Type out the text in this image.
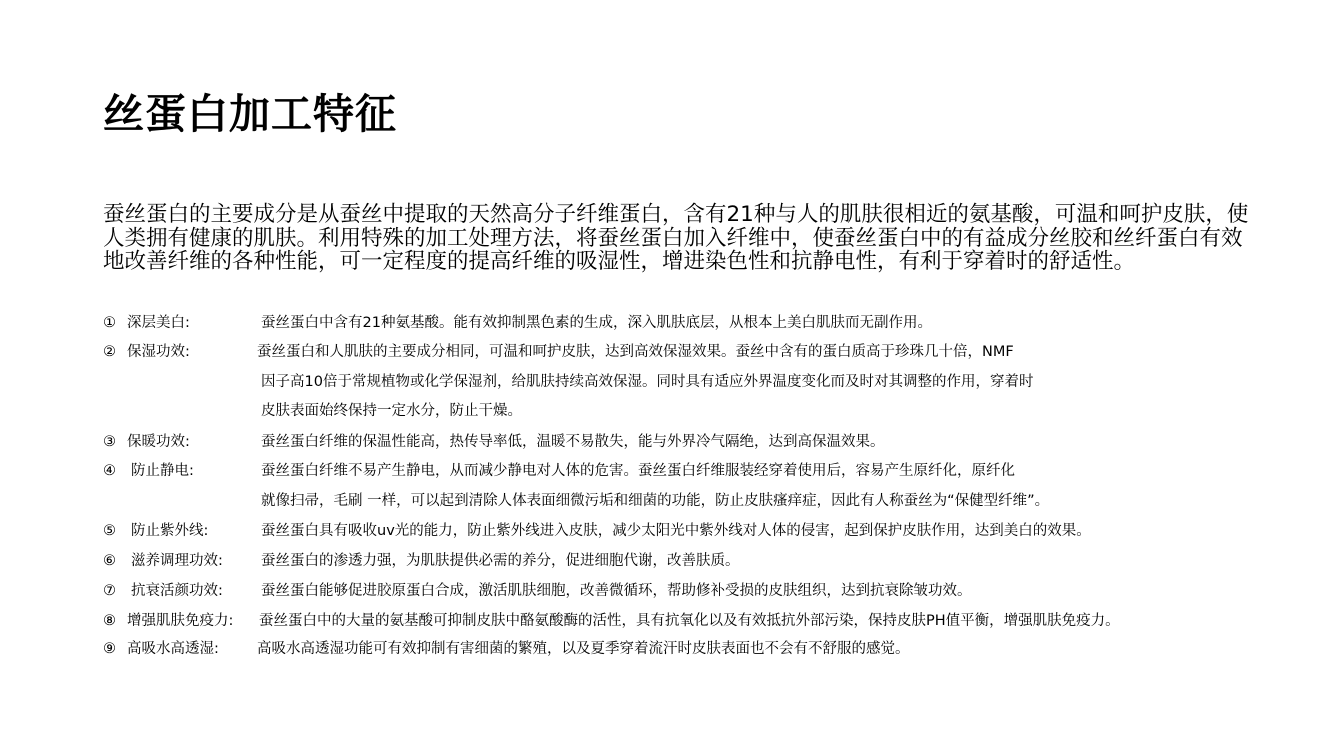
丝蛋白加工特征
蚕丝蛋白的主要成分是从蚕丝中提取的天然高分子纤维蛋白，含有21种与人的肌肤很相近的氨基酸，可温和呵护皮肤，使人类拥有健康的肌肤。利用特殊的加工处理方法，将蚕丝蛋白加入纤维中，使蚕丝蛋白中的有益成分丝胶和丝纤蛋白有效地改善纤维的各种性能，可一定程度的提高纤维的吸湿性，增进染色性和抗静电性，有利于穿着时的舒适性。
① 深层美白:	蚕丝蛋白中含有21种氨基酸。能有效抑制黑色素的生成，深入肌肤底层，从根本上美白肌肤而无副作用。
② 保湿功效:	蚕丝蛋白和人肌肤的主要成分相同，可温和呵护皮肤，达到高效保湿效果。蚕丝中含有的蛋白质高于珍珠几十倍，NMF
因子高10倍于常规植物或化学保湿剂，给肌肤持续高效保湿。同时具有适应外界温度变化而及时对其调整的作用，穿着时
皮肤表面始终保持一定水分，防止干燥。
③ 保暖功效:	蚕丝蛋白纤维的保温性能高，热传导率低，温暖不易散失，能与外界冷气隔绝，达到高保温效果。
④ 防止静电:	蚕丝蛋白纤维不易产生静电，从而减少静电对人体的危害。蚕丝蛋白纤维服装经穿着使用后，容易产生原纤化，原纤化
就像扫帚，毛刷 一样，可以起到清除人体表面细微污垢和细菌的功能，防止皮肤瘙痒症，因此有人称蚕丝为“保健型纤维”。
⑤ 防止紫外线:	蚕丝蛋白具有吸收uv光的能力，防止紫外线进入皮肤，减少太阳光中紫外线对人体的侵害，起到保护皮肤作用，达到美白的效果。
⑥ 滋养调理功效:	蚕丝蛋白的渗透力强，为肌肤提供必需的养分，促进细胞代谢，改善肤质。
⑦ 抗衰活颜功效:	蚕丝蛋白能够促进胶原蛋白合成，激活肌肤细胞，改善微循环，帮助修补受损的皮肤组织，达到抗衰除皱功效。
⑧ 增强肌肤免疫力: 蚕丝蛋白中的大量的氨基酸可抑制皮肤中酪氨酸酶的活性，具有抗氧化以及有效抵抗外部污染，保持皮肤PH值平衡，增强肌肤免疫力。
⑨ 高吸水高透湿:	高吸水高透湿功能可有效抑制有害细菌的繁殖，以及夏季穿着流汗时皮肤表面也不会有不舒服的感觉。
